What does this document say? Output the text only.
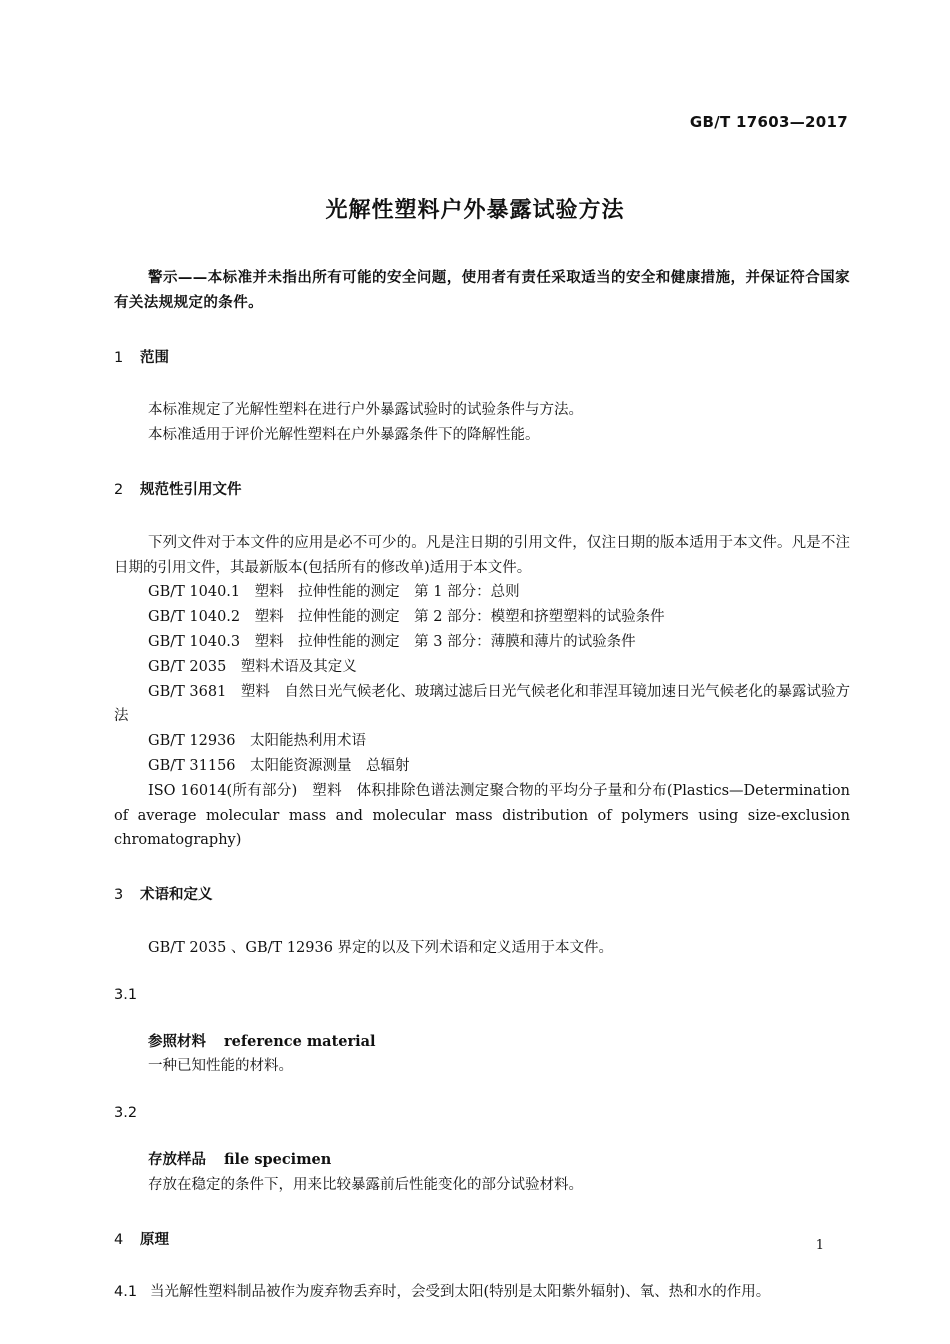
GB/T 17603—2017
光解性塑料户外暴露试验方法

警示——本标准并未指出所有可能的安全问题，使用者有责任采取适当的安全和健康措施，并保证符合国家有关法规规定的条件。

1 范围

本标准规定了光解性塑料在进行户外暴露试验时的试验条件与方法。

本标准适用于评价光解性塑料在户外暴露条件下的降解性能。

2 规范性引用文件

下列文件对于本文件的应用是必不可少的。凡是注日期的引用文件，仅注日期的版本适用于本文件。凡是不注日期的引用文件，其最新版本(包括所有的修改单)适用于本文件。

GB/T 1040.1　塑料　拉伸性能的测定　第 1 部分：总则

GB/T 1040.2　塑料　拉伸性能的测定　第 2 部分：模塑和挤塑塑料的试验条件

GB/T 1040.3　塑料　拉伸性能的测定　第 3 部分：薄膜和薄片的试验条件

GB/T 2035　塑料术语及其定义

GB/T 3681　塑料　自然日光气候老化、玻璃过滤后日光气候老化和菲涅耳镜加速日光气候老化的暴露试验方法

GB/T 12936　太阳能热利用术语

GB/T 31156　太阳能资源测量　总辐射

ISO 16014(所有部分)　塑料　体积排除色谱法测定聚合物的平均分子量和分布(Plastics—Determination of average molecular mass and molecular mass distribution of polymers using size-exclusion chromatography)

3 术语和定义

GB/T 2035 、GB/T 12936 界定的以及下列术语和定义适用于本文件。

3.1

参照材料 reference material

一种已知性能的材料。

3.2

存放样品 file specimen

存放在稳定的条件下，用来比较暴露前后性能变化的部分试验材料。

4 原理

4.1 当光解性塑料制品被作为废弃物丢弃时，会受到太阳(特别是太阳紫外辐射)、氧、热和水的作用。

1
